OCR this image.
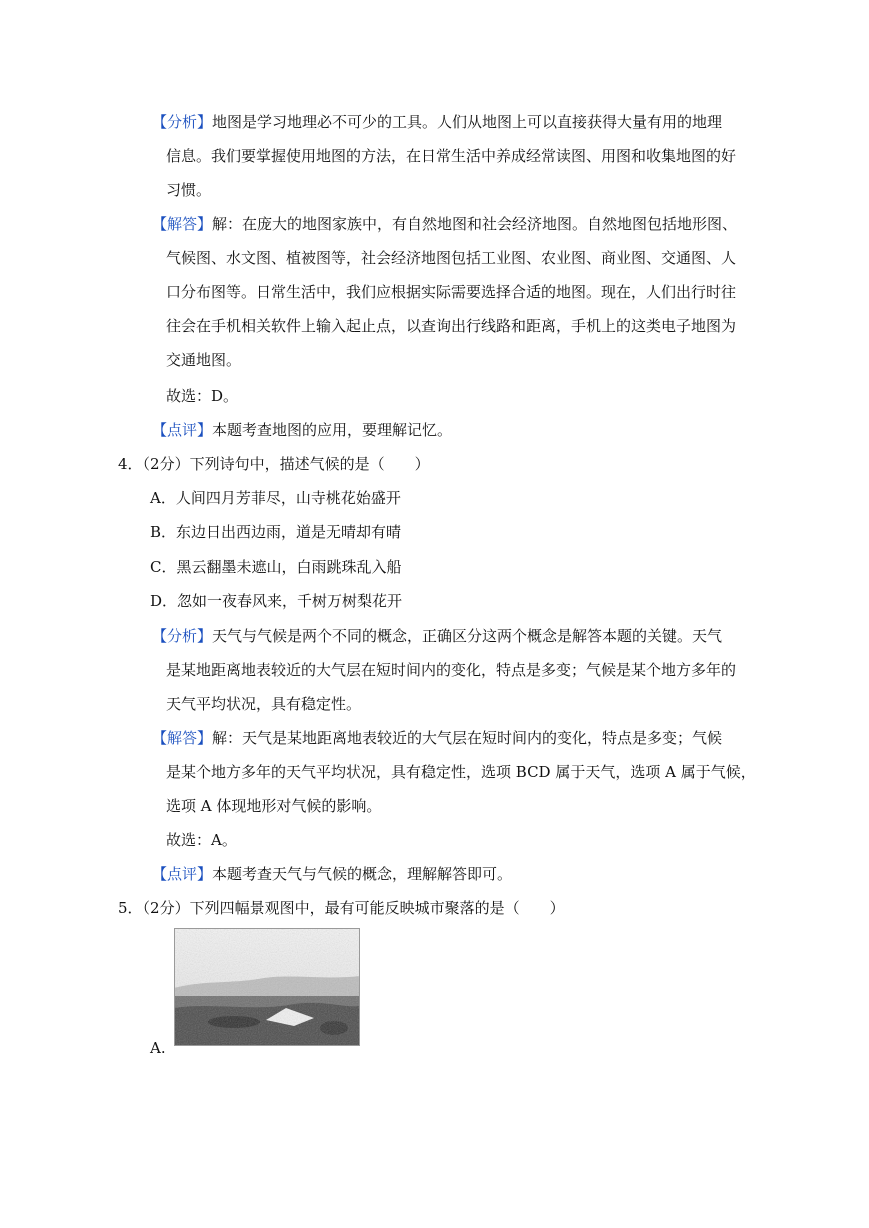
【分析】地图是学习地理必不可少的工具。人们从地图上可以直接获得大量有用的地理
信息。我们要掌握使用地图的方法，在日常生活中养成经常读图、用图和收集地图的好
习惯。
【解答】解：在庞大的地图家族中，有自然地图和社会经济地图。自然地图包括地形图、
气候图、水文图、植被图等，社会经济地图包括工业图、农业图、商业图、交通图、人
口分布图等。日常生活中，我们应根据实际需要选择合适的地图。现在，人们出行时往
往会在手机相关软件上输入起止点，以查询出行线路和距离，手机上的这类电子地图为
交通地图。
故选：D。
【点评】本题考查地图的应用，要理解记忆。
4．（2分）下列诗句中，描述气候的是（　　）
A．人间四月芳菲尽，山寺桃花始盛开
B．东边日出西边雨，道是无晴却有晴
C．黑云翻墨未遮山，白雨跳珠乱入船
D．忽如一夜春风来，千树万树梨花开
【分析】天气与气候是两个不同的概念，正确区分这两个概念是解答本题的关键。天气
是某地距离地表较近的大气层在短时间内的变化，特点是多变；气候是某个地方多年的
天气平均状况，具有稳定性。
【解答】解：天气是某地距离地表较近的大气层在短时间内的变化，特点是多变；气候
是某个地方多年的天气平均状况，具有稳定性，选项 BCD 属于天气，选项 A 属于气候，
选项 A 体现地形对气候的影响。
故选：A。
【点评】本题考查天气与气候的概念，理解解答即可。
5．（2分）下列四幅景观图中，最有可能反映城市聚落的是（　　）
A.
